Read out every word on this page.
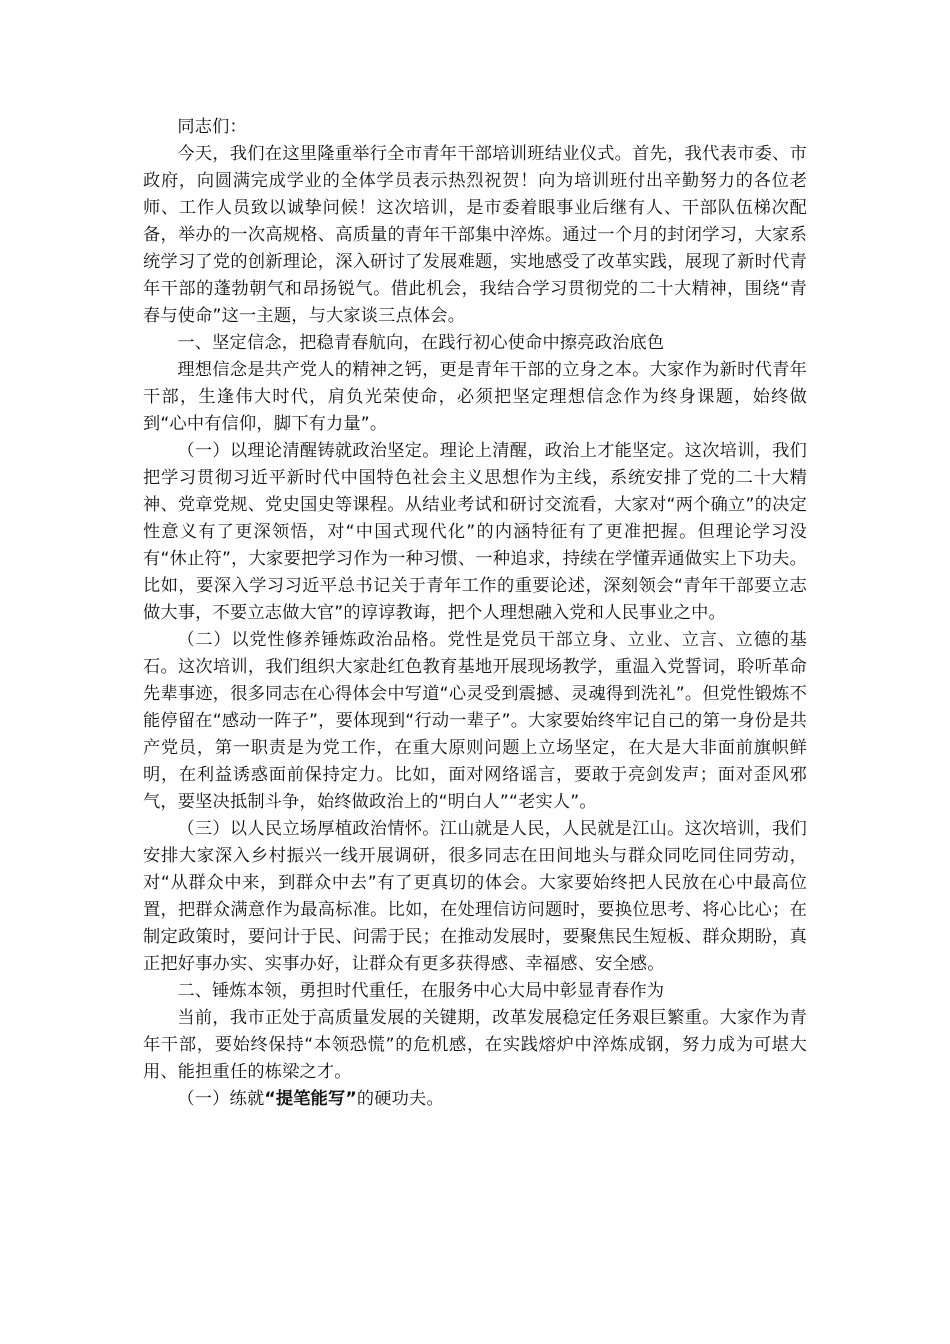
同志们：

今天，我们在这里隆重举行全市青年干部培训班结业仪式。首先，我代表市委、市政府，向圆满完成学业的全体学员表示热烈祝贺！向为培训班付出辛勤努力的各位老师、工作人员致以诚挚问候！这次培训，是市委着眼事业后继有人、干部队伍梯次配备，举办的一次高规格、高质量的青年干部集中淬炼。通过一个月的封闭学习，大家系统学习了党的创新理论，深入研讨了发展难题，实地感受了改革实践，展现了新时代青年干部的蓬勃朝气和昂扬锐气。借此机会，我结合学习贯彻党的二十大精神，围绕“青春与使命”这一主题，与大家谈三点体会。

一、坚定信念，把稳青春航向，在践行初心使命中擦亮政治底色

理想信念是共产党人的精神之钙，更是青年干部的立身之本。大家作为新时代青年干部，生逢伟大时代，肩负光荣使命，必须把坚定理想信念作为终身课题，始终做到“心中有信仰，脚下有力量”。

（一）以理论清醒铸就政治坚定。理论上清醒，政治上才能坚定。这次培训，我们把学习贯彻习近平新时代中国特色社会主义思想作为主线，系统安排了党的二十大精神、党章党规、党史国史等课程。从结业考试和研讨交流看，大家对“两个确立”的决定性意义有了更深领悟，对“中国式现代化”的内涵特征有了更准把握。但理论学习没有“休止符”，大家要把学习作为一种习惯、一种追求，持续在学懂弄通做实上下功夫。比如，要深入学习习近平总书记关于青年工作的重要论述，深刻领会“青年干部要立志做大事，不要立志做大官”的谆谆教诲，把个人理想融入党和人民事业之中。

（二）以党性修养锤炼政治品格。党性是党员干部立身、立业、立言、立德的基石。这次培训，我们组织大家赴红色教育基地开展现场教学，重温入党誓词，聆听革命先辈事迹，很多同志在心得体会中写道“心灵受到震撼、灵魂得到洗礼”。但党性锻炼不能停留在“感动一阵子”，要体现到“行动一辈子”。大家要始终牢记自己的第一身份是共产党员，第一职责是为党工作，在重大原则问题上立场坚定，在大是大非面前旗帜鲜明，在利益诱惑面前保持定力。比如，面对网络谣言，要敢于亮剑发声；面对歪风邪气，要坚决抵制斗争，始终做政治上的“明白人”“老实人”。

（三）以人民立场厚植政治情怀。江山就是人民，人民就是江山。这次培训，我们安排大家深入乡村振兴一线开展调研，很多同志在田间地头与群众同吃同住同劳动，对“从群众中来，到群众中去”有了更真切的体会。大家要始终把人民放在心中最高位置，把群众满意作为最高标准。比如，在处理信访问题时，要换位思考、将心比心；在制定政策时，要问计于民、问需于民；在推动发展时，要聚焦民生短板、群众期盼，真正把好事办实、实事办好，让群众有更多获得感、幸福感、安全感。

二、锤炼本领，勇担时代重任，在服务中心大局中彰显青春作为

当前，我市正处于高质量发展的关键期，改革发展稳定任务艰巨繁重。大家作为青年干部，要始终保持“本领恐慌”的危机感，在实践熔炉中淬炼成钢，努力成为可堪大用、能担重任的栋梁之才。

（一）练就“提笔能写”的硬功夫。
